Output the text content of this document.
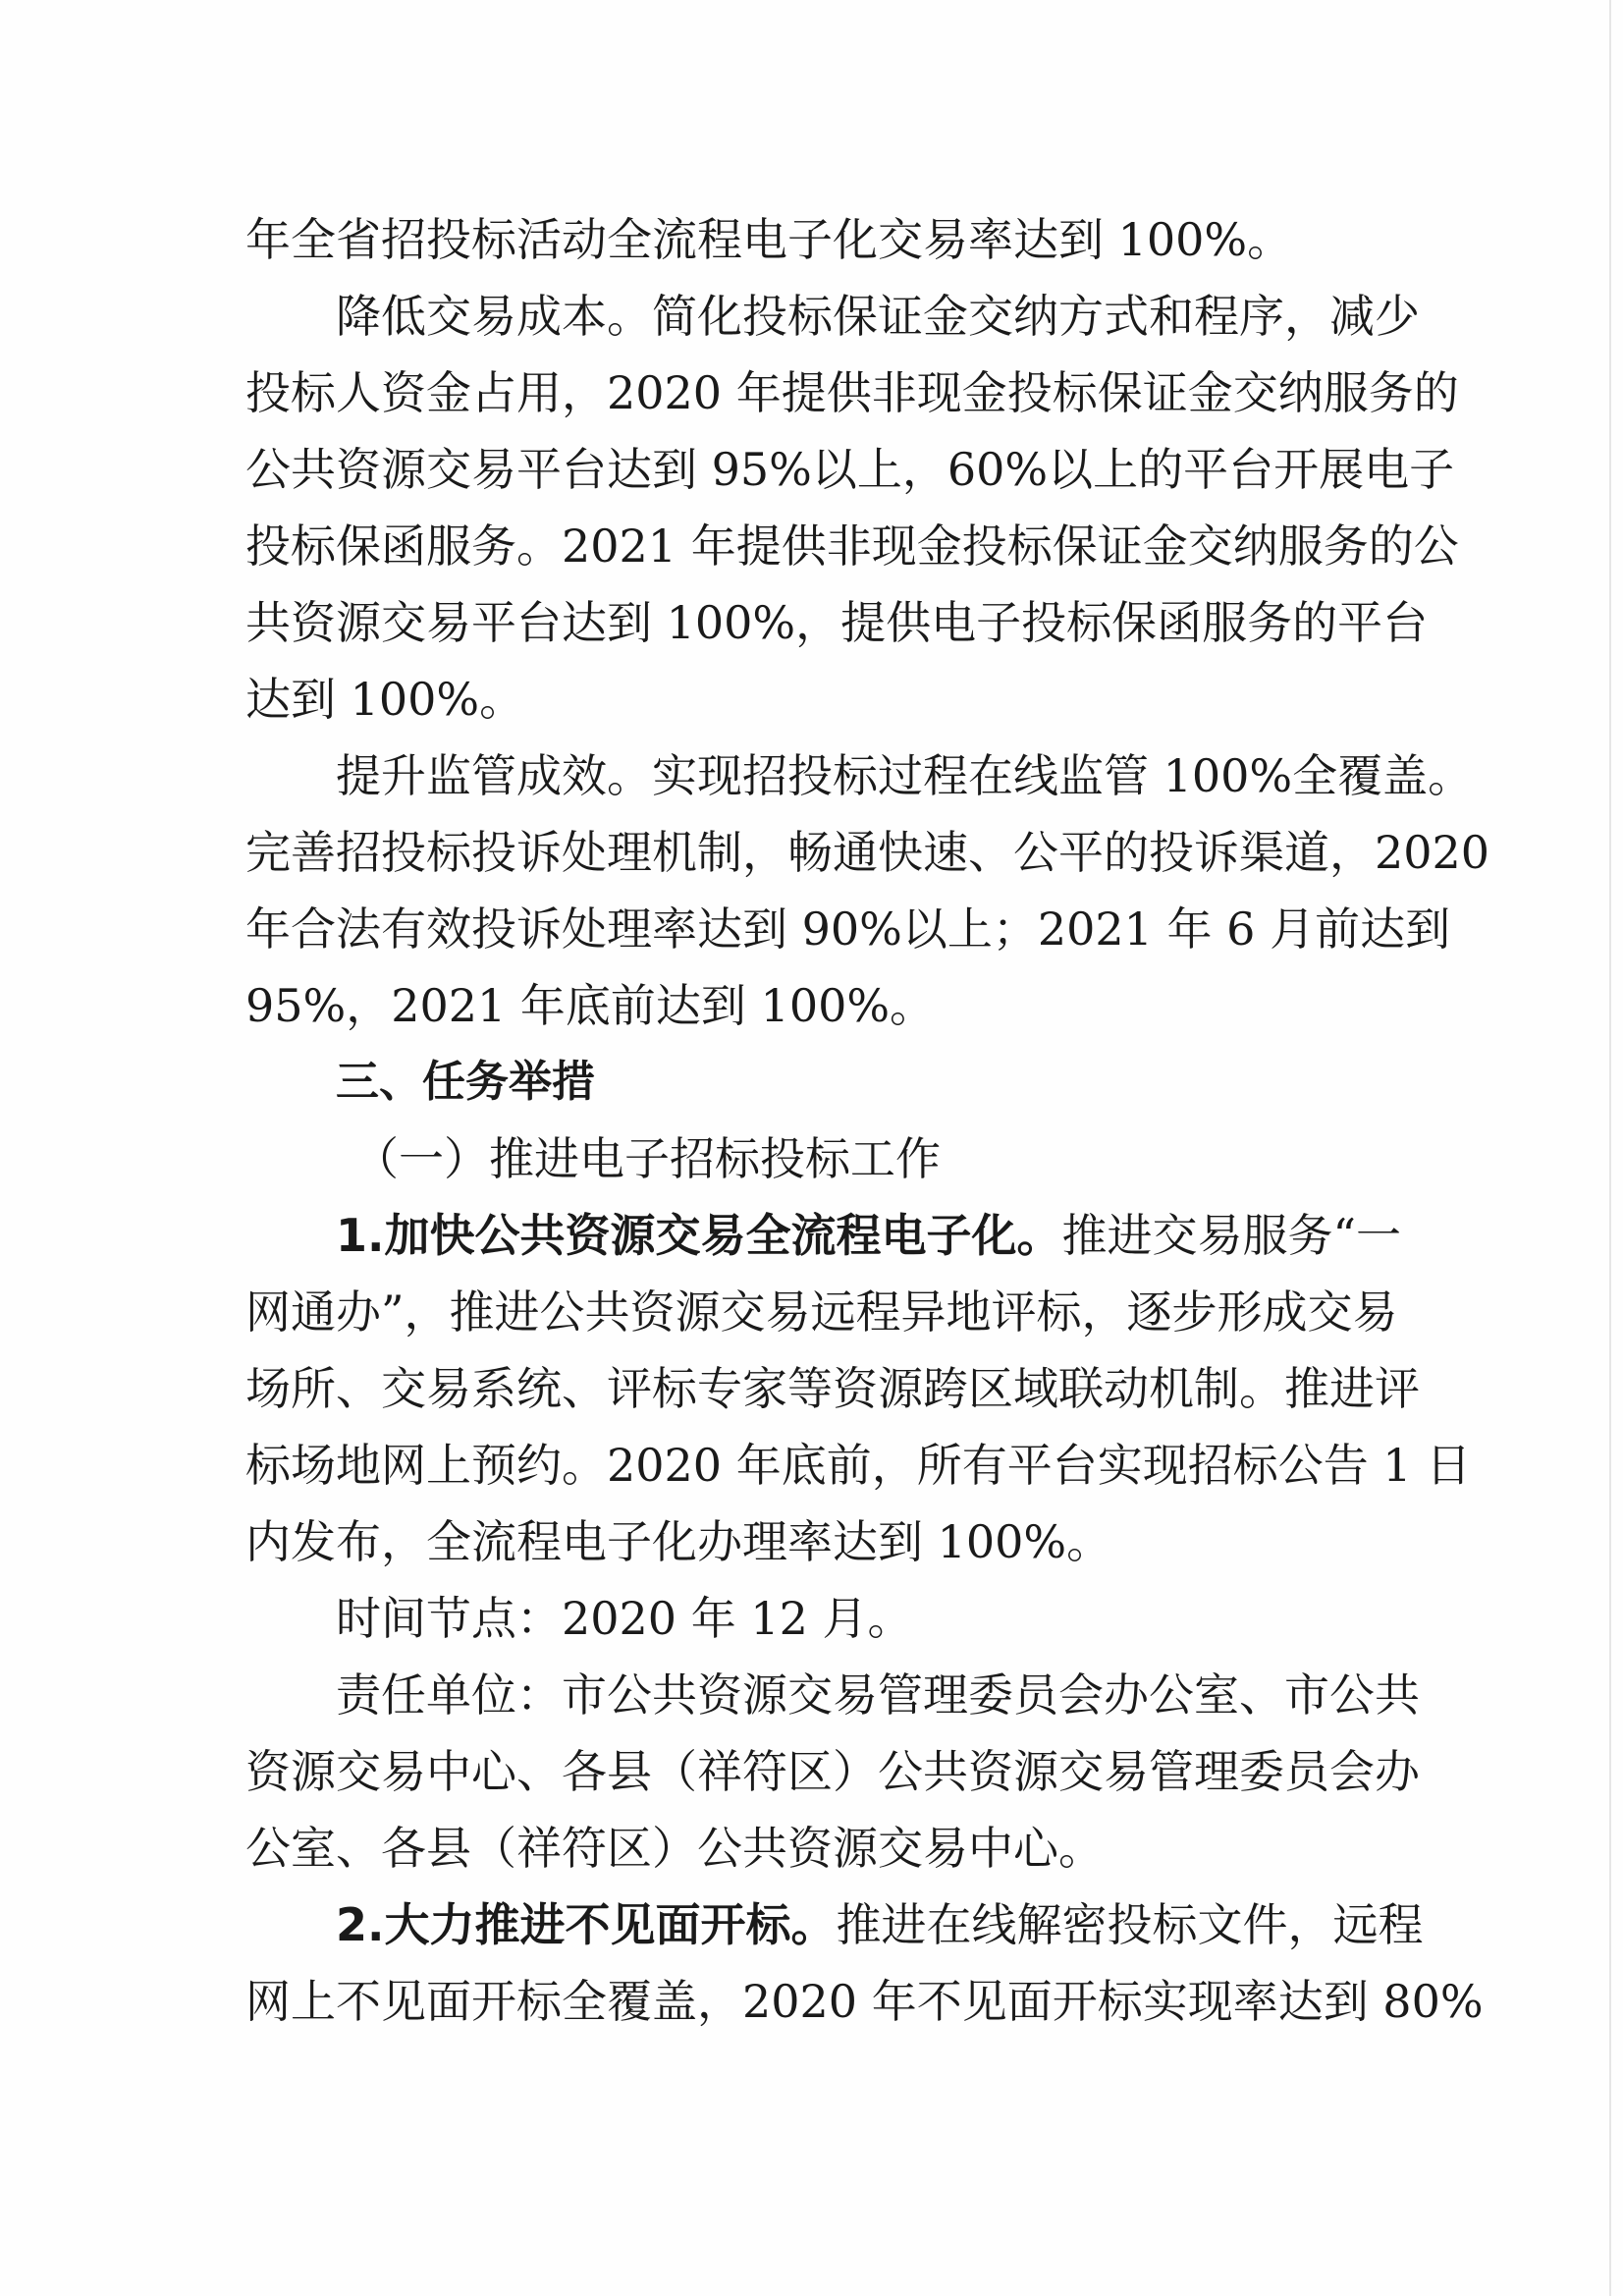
年全省招投标活动全流程电子化交易率达到 100%。
降低交易成本。简化投标保证金交纳方式和程序，减少
投标人资金占用，2020 年提供非现金投标保证金交纳服务的
公共资源交易平台达到 95%以上，60%以上的平台开展电子
投标保函服务。2021 年提供非现金投标保证金交纳服务的公
共资源交易平台达到 100%，提供电子投标保函服务的平台
达到 100%。
提升监管成效。实现招投标过程在线监管 100%全覆盖。
完善招投标投诉处理机制，畅通快速、公平的投诉渠道，2020
年合法有效投诉处理率达到 90%以上；2021 年 6 月前达到
95%，2021 年底前达到 100%。
三、任务举措
（一）推进电子招标投标工作
1.加快公共资源交易全流程电子化。推进交易服务“一
网通办”，推进公共资源交易远程异地评标，逐步形成交易
场所、交易系统、评标专家等资源跨区域联动机制。推进评
标场地网上预约。2020 年底前，所有平台实现招标公告 1 日
内发布，全流程电子化办理率达到 100%。
时间节点：2020 年 12 月。
责任单位：市公共资源交易管理委员会办公室、市公共
资源交易中心、各县（祥符区）公共资源交易管理委员会办
公室、各县（祥符区）公共资源交易中心。
2.大力推进不见面开标。推进在线解密投标文件，远程
网上不见面开标全覆盖，2020 年不见面开标实现率达到 80%
